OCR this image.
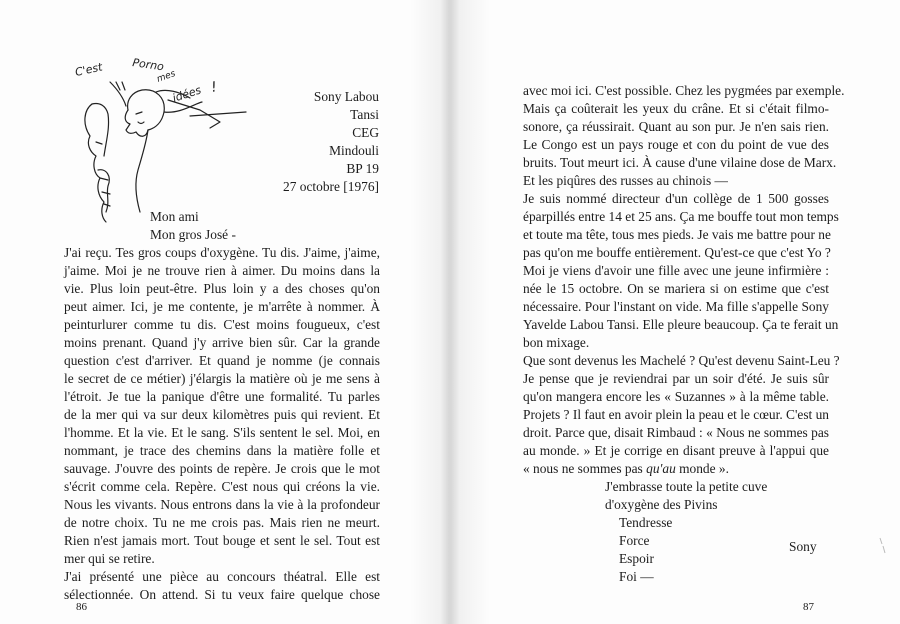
C'est	Porno
mes
idées !
Sony Labou
Tansi
CEG
Mindouli
BP 19
27 octobre [1976]
Mon ami
Mon gros José -
J'ai reçu. Tes gros coups d'oxygène. Tu dis. J'aime, j'aime,
j'aime. Moi je ne trouve rien à aimer. Du moins dans la
vie. Plus loin peut-être. Plus loin y a des choses qu'on
peut aimer. Ici, je me contente, je m'arrête à nommer. À
peinturlurer comme tu dis. C'est moins fougueux, c'est
moins prenant. Quand j'y arrive bien sûr. Car la grande
question c'est d'arriver. Et quand je nomme (je connais
le secret de ce métier) j'élargis la matière où je me sens à
l'étroit. Je tue la panique d'être une formalité. Tu parles
de la mer qui va sur deux kilomètres puis qui revient. Et
l'homme. Et la vie. Et le sang. S'ils sentent le sel. Moi, en
nommant, je trace des chemins dans la matière folle et
sauvage. J'ouvre des points de repère. Je crois que le mot
s'écrit comme cela. Repère. C'est nous qui créons la vie.
Nous les vivants. Nous entrons dans la vie à la profondeur
de notre choix. Tu ne me crois pas. Mais rien ne meurt.
Rien n'est jamais mort. Tout bouge et sent le sel. Tout est
mer qui se retire.
J'ai présenté une pièce au concours théatral. Elle est
sélectionnée. On attend. Si tu veux faire quelque chose
86
avec moi ici. C'est possible. Chez les pygmées par exemple.
Mais ça coûterait les yeux du crâne. Et si c'était filmo-
sonore, ça réussirait. Quant au son pur. Je n'en sais rien.
Le Congo est un pays rouge et con du point de vue des
bruits. Tout meurt ici. À cause d'une vilaine dose de Marx.
Et les piqûres des russes au chinois —
Je suis nommé directeur d'un collège de 1 500 gosses
éparpillés entre 14 et 25 ans. Ça me bouffe tout mon temps
et toute ma tête, tous mes pieds. Je vais me battre pour ne
pas qu'on me bouffe entièrement. Qu'est-ce que c'est Yo ?
Moi je viens d'avoir une fille avec une jeune infirmière :
née le 15 octobre. On se mariera si on estime que c'est
nécessaire. Pour l'instant on vide. Ma fille s'appelle Sony
Yavelde Labou Tansi. Elle pleure beaucoup. Ça te ferait un
bon mixage.
Que sont devenus les Machelé ? Qu'est devenu Saint-Leu ?
Je pense que je reviendrai par un soir d'été. Je suis sûr
qu'on mangera encore les « Suzannes » à la même table.
Projets ? Il faut en avoir plein la peau et le cœur. C'est un
droit. Parce que, disait Rimbaud : « Nous ne sommes pas
au monde. » Et je corrige en disant preuve à l'appui que
« nous ne sommes pas qu'au monde ».
J'embrasse toute la petite cuve
d'oxygène des Pivins
Tendresse
Force
Espoir
Foi —
Sony
87
